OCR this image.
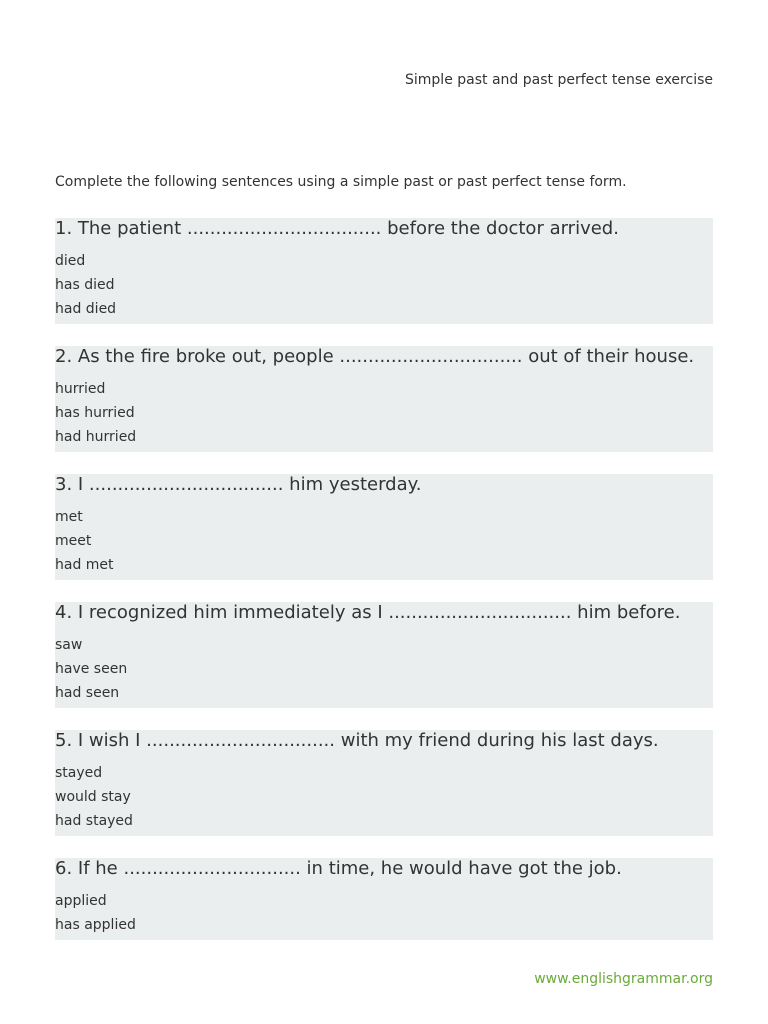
Simple past and past perfect tense exercise
Complete the following sentences using a simple past or past perfect tense form.

1. The patient .................................. before the doctor arrived.

died
has died
had died

2. As the fire broke out, people ................................ out of their house.

hurried
has hurried
had hurried

3. I .................................. him yesterday.

met
meet
had met

4. I recognized him immediately as I ................................ him before.

saw
have seen
had seen

5. I wish I ................................. with my friend during his last days.

stayed
would stay
had stayed

6. If he ............................... in time, he would have got the job.

applied
has applied
www.englishgrammar.org
